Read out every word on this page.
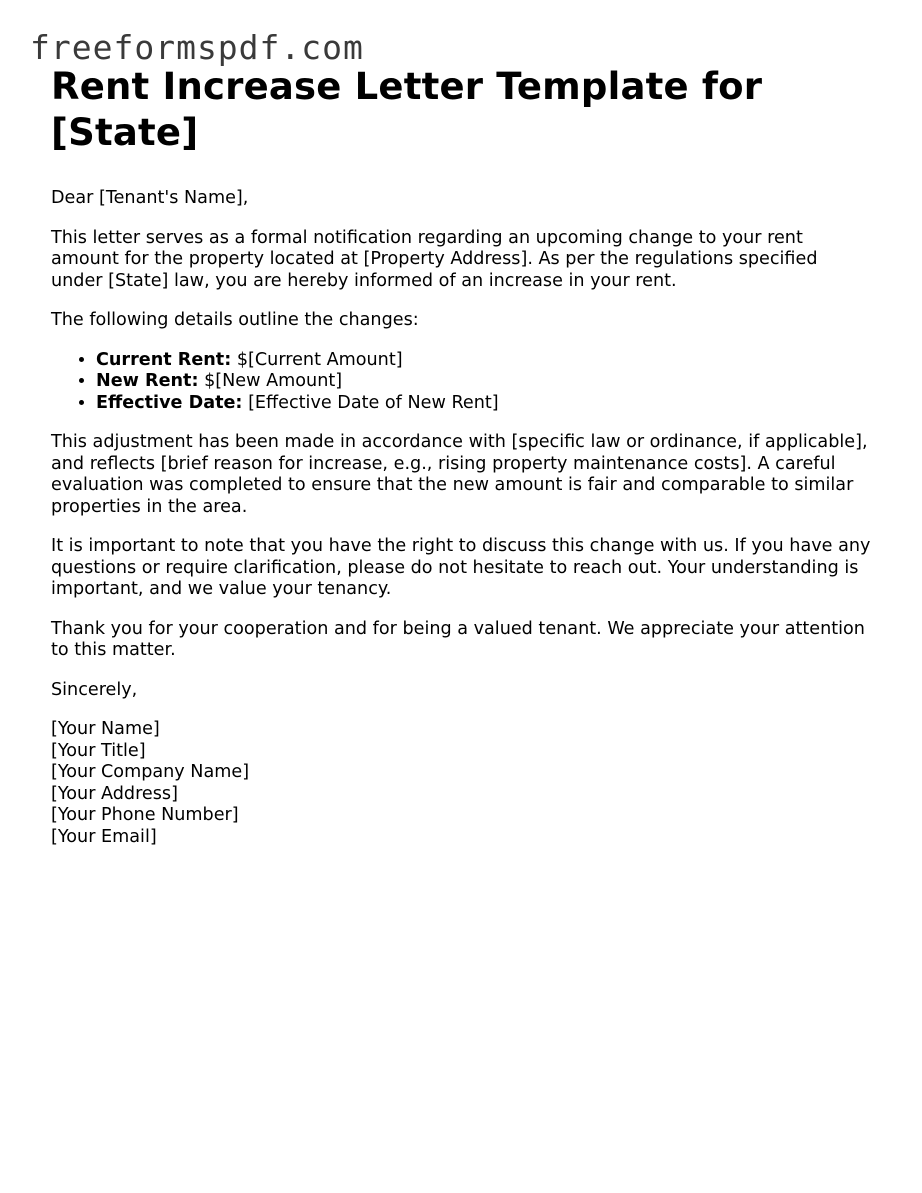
freeformspdf.com
Rent Increase Letter Template for [State]

Dear [Tenant's Name],

This letter serves as a formal notification regarding an upcoming change to your rent amount for the property located at [Property Address]. As per the regulations specified under [State] law, you are hereby informed of an increase in your rent.

The following details outline the changes:

• Current Rent: $[Current Amount]
• New Rent: $[New Amount]
• Effective Date: [Effective Date of New Rent]

This adjustment has been made in accordance with [specific law or ordinance, if applicable], and reflects [brief reason for increase, e.g., rising property maintenance costs]. A careful evaluation was completed to ensure that the new amount is fair and comparable to similar properties in the area.

It is important to note that you have the right to discuss this change with us. If you have any questions or require clarification, please do not hesitate to reach out. Your understanding is important, and we value your tenancy.

Thank you for your cooperation and for being a valued tenant. We appreciate your attention to this matter.

Sincerely,

[Your Name]
[Your Title]
[Your Company Name]
[Your Address]
[Your Phone Number]
[Your Email]
